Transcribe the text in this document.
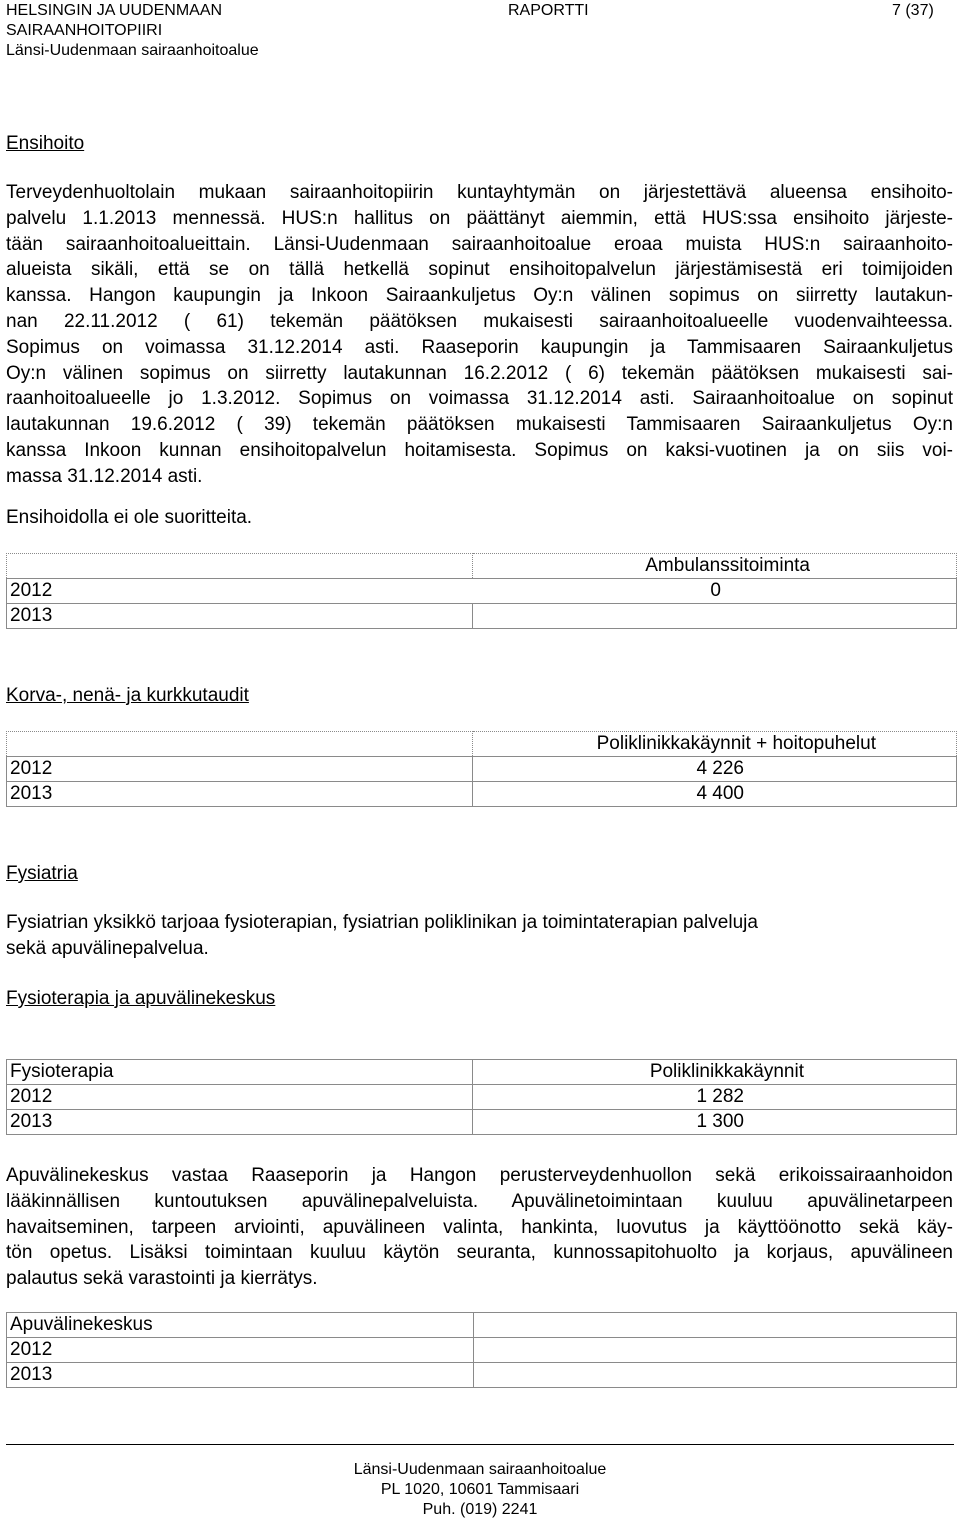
HELSINGIN JA UUDENMAAN
SAIRAANHOITOPIIRI
Länsi-Uudenmaan sairaanhoitoalue
RAPORTTI	7 (37)
Ensihoito
Terveydenhuoltolain mukaan sairaanhoitopiirin kuntayhtymän on järjestettävä alueensa ensihoito-
palvelu 1.1.2013 mennessä. HUS:n hallitus on päättänyt aiemmin, että HUS:ssa ensihoito järjeste-
tään sairaanhoitoalueittain. Länsi-Uudenmaan sairaanhoitoalue eroaa muista HUS:n sairaanhoito-
alueista sikäli, että se on tällä hetkellä sopinut ensihoitopalvelun järjestämisestä eri toimijoiden
kanssa. Hangon kaupungin ja Inkoon Sairaankuljetus Oy:n välinen sopimus on siirretty lautakun-
nan 22.11.2012 ( 61) tekemän päätöksen mukaisesti sairaanhoitoalueelle vuodenvaihteessa.
Sopimus on voimassa 31.12.2014 asti. Raaseporin kaupungin ja Tammisaaren Sairaankuljetus
Oy:n välinen sopimus on siirretty lautakunnan 16.2.2012 ( 6) tekemän päätöksen mukaisesti sai-
raanhoitoalueelle jo 1.3.2012. Sopimus on voimassa 31.12.2014 asti. Sairaanhoitoalue on sopinut
lautakunnan 19.6.2012 ( 39) tekemän päätöksen mukaisesti Tammisaaren Sairaankuljetus Oy:n
kanssa Inkoon kunnan ensihoitopalvelun hoitamisesta. Sopimus on kaksi-vuotinen ja on siis voi-
massa 31.12.2014 asti.
Ensihoidolla ei ole suoritteita.
	Ambulanssitoiminta
2012	0
2013	
Korva-, nenä- ja kurkkutaudit
	Poliklinikkakäynnit + hoitopuhelut
2012	4 226
2013	4 400
Fysiatria
Fysiatrian yksikkö tarjoaa fysioterapian, fysiatrian poliklinikan ja toimintaterapian palveluja
sekä apuvälinepalvelua.
Fysioterapia ja apuvälinekeskus
Fysioterapia	Poliklinikkakäynnit
2012	1 282
2013	1 300
Apuvälinekeskus vastaa Raaseporin ja Hangon perusterveydenhuollon sekä erikoissairaanhoidon
lääkinnällisen kuntoutuksen apuvälinepalveluista. Apuvälinetoimintaan kuuluu apuvälinetarpeen
havaitseminen, tarpeen arviointi, apuvälineen valinta, hankinta, luovutus ja käyttöönotto sekä käy-
tön opetus. Lisäksi toimintaan kuuluu käytön seuranta, kunnossapitohuolto ja korjaus, apuvälineen
palautus sekä varastointi ja kierrätys.
Apuvälinekeskus	
2012	
2013	
Länsi-Uudenmaan sairaanhoitoalue
PL 1020, 10601 Tammisaari
Puh. (019) 2241
